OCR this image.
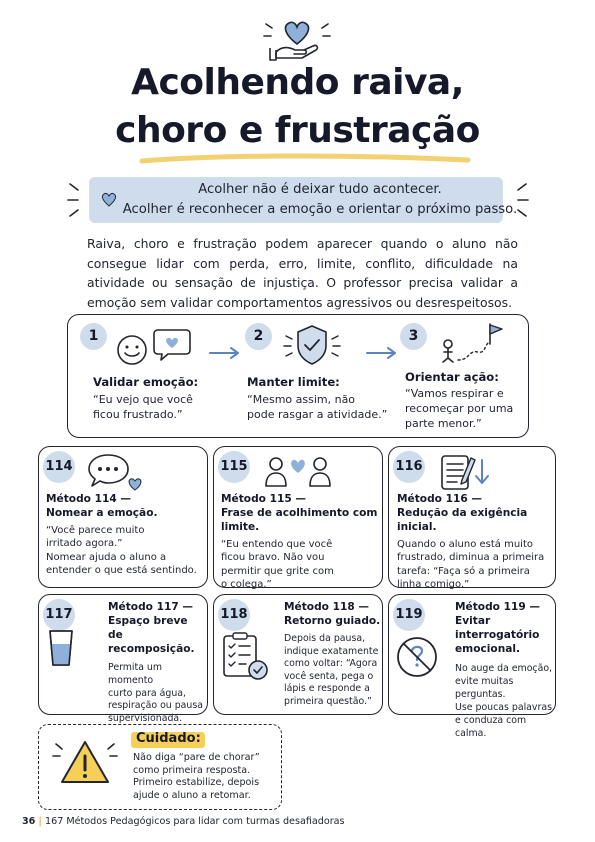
Acolhendo raiva,
choro e frustração
Acolher não é deixar tudo acontecer.
Acolher é reconhecer a emoção e orientar o próximo passo.
Raiva, choro e frustração podem aparecer quando o aluno não consegue lidar com perda, erro, limite, conflito, dificuldade na atividade ou sensação de injustiça. O professor precisa validar a emoção sem validar comportamentos agressivos ou desrespeitosos.
1
Validar emoção:
“Eu vejo que você
ficou frustrado.”
2
Manter limite:
“Mesmo assim, não
pode rasgar a atividade.”
3
Orientar ação:
“Vamos respirar e
recomeçar por uma
parte menor.”
114
Método 114 —
Nomear a emoção.
“Você parece muito
irritado agora.”
Nomear ajuda o aluno a
entender o que está sentindo.
115
Método 115 —
Frase de acolhimento com limite.
“Eu entendo que você
ficou bravo. Não vou
permitir que grite com
o colega.”
116
Método 116 —
Redução da exigência inicial.
Quando o aluno está muito
frustrado, diminua a primeira
tarefa: “Faça só a primeira
linha comigo.”
117	Método 117 —
Espaço breve
de recomposição.
Permita um momento
curto para água,
respiração ou pausa
supervisionada.
118	Método 118 —
Retorno guiado.
Depois da pausa,
indique exatamente
como voltar: “Agora
você senta, pega o
lápis e responde a
primeira questão.”
119	Método 119 —
Evitar interrogatório
emocional.
No auge da emoção,
evite muitas perguntas.
Use poucas palavras
e conduza com calma.
Cuidado:
Não diga “pare de chorar”
como primeira resposta.
Primeiro estabilize, depois
ajude o aluno a retomar.
36 | 167 Métodos Pedagógicos para lidar com turmas desafiadoras
